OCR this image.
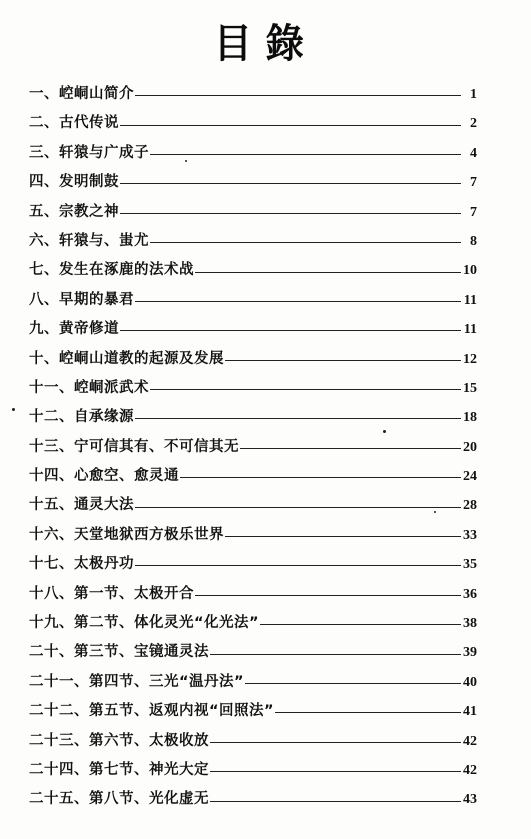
目錄
一、崆峒山简介	1
二、古代传说	2
三、轩猿与广成子	4
四、发明制鼓	7
五、宗教之神	7
六、轩猿与、蚩尤	8
七、发生在涿鹿的法术战	10
八、早期的暴君	11
九、黄帝修道	11
十、崆峒山道教的起源及发展	12
十一、崆峒派武术	15
十二、自承缘源	18
十三、宁可信其有、不可信其无	20
十四、心愈空、愈灵通	24
十五、通灵大法	28
十六、天堂地狱西方极乐世界	33
十七、太极丹功	35
十八、第一节、太极开合	36
十九、第二节、体化灵光“化光法”	38
二十、第三节、宝镜通灵法	39
二十一、第四节、三光“温丹法”	40
二十二、第五节、返观内视“回照法”	41
二十三、第六节、太极收放	42
二十四、第七节、神光大定	42
二十五、第八节、光化虚无	43
